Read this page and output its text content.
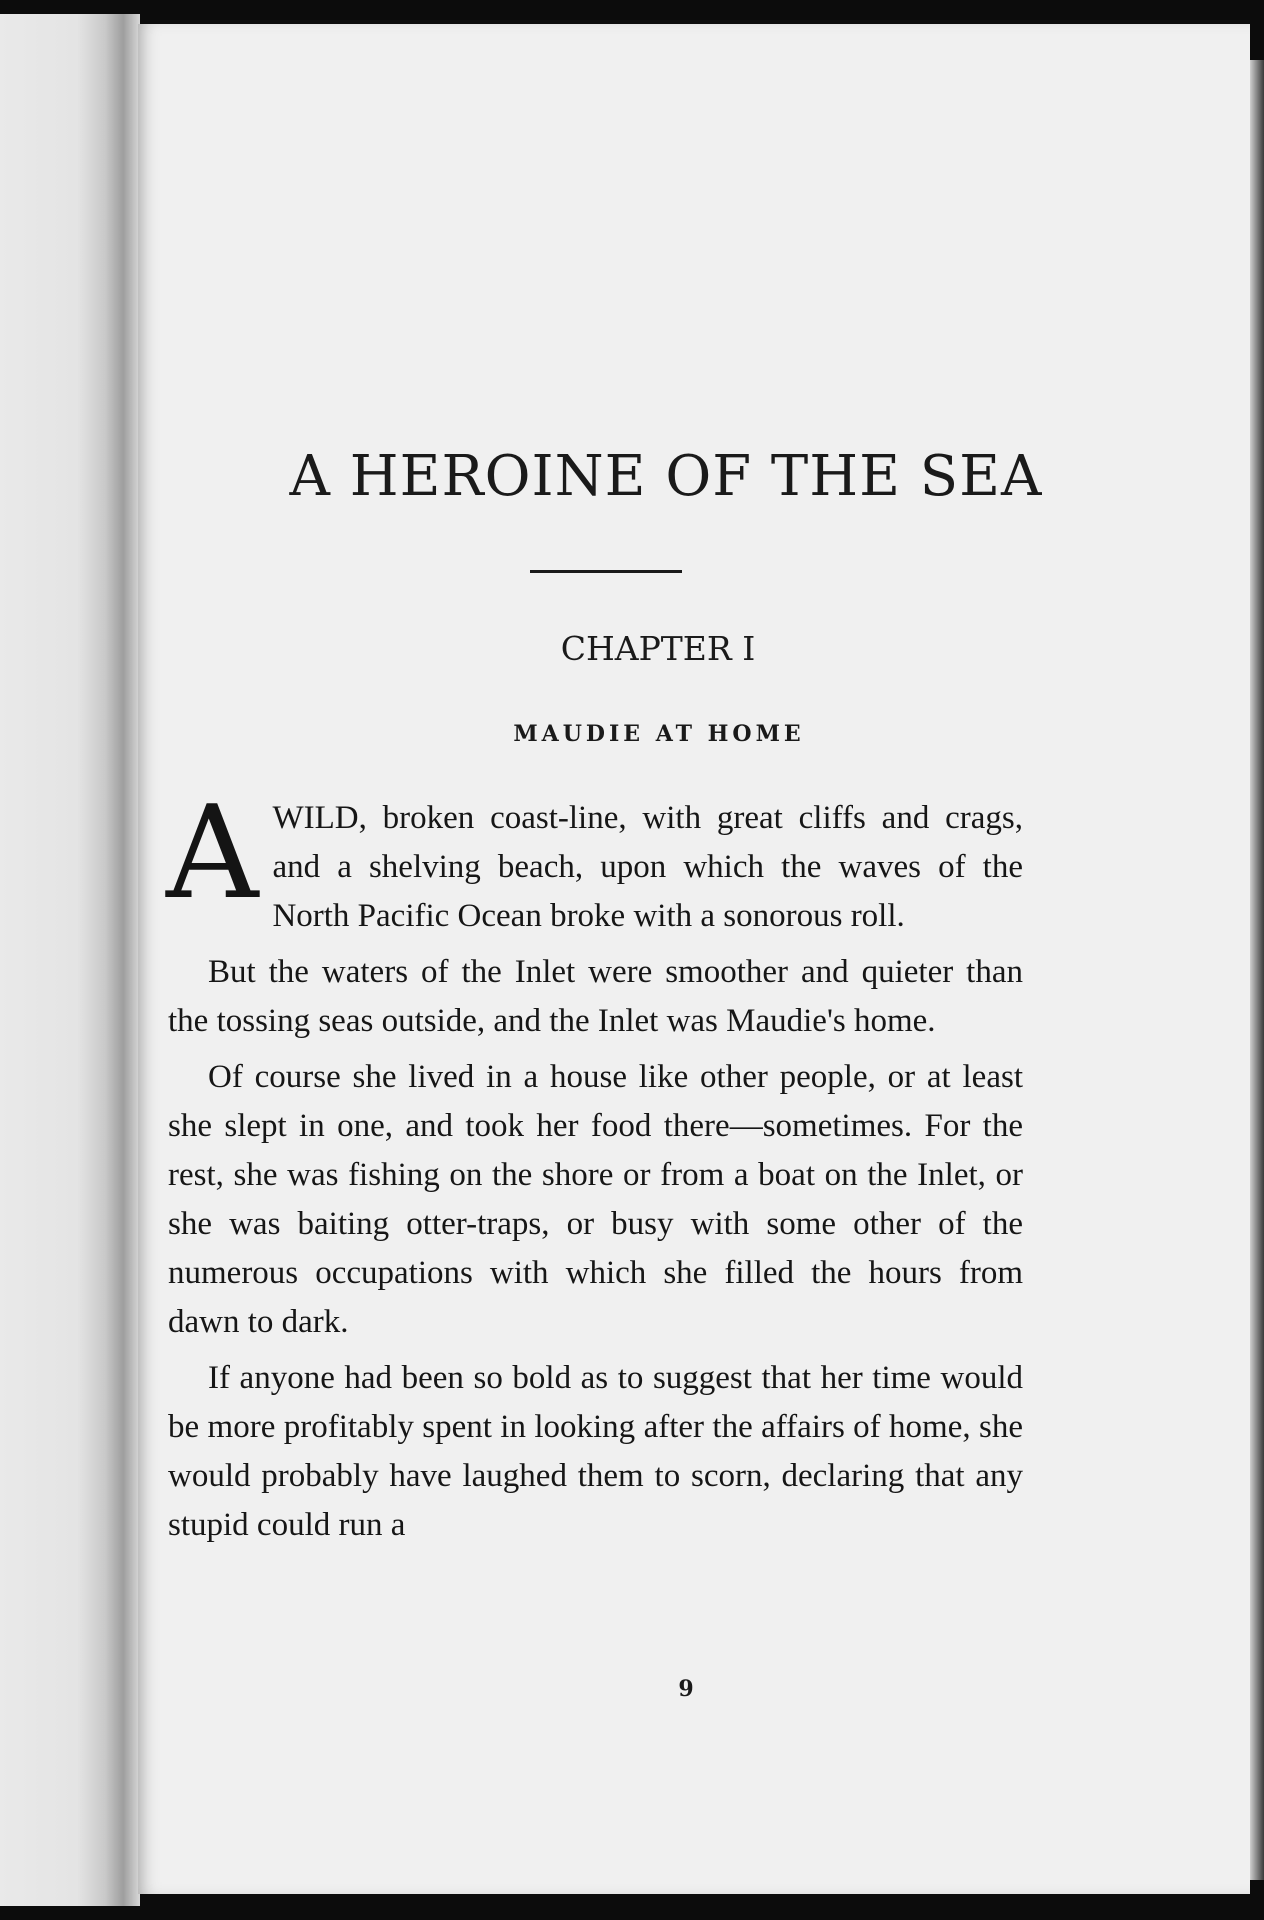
A HEROINE OF THE SEA
CHAPTER I
MAUDIE AT HOME

AWILD, broken coast-line, with great cliffs and crags, and a shelving beach, upon which the waves of the North Pacific Ocean broke with a sonorous roll.

But the waters of the Inlet were smoother and quieter than the tossing seas outside, and the Inlet was Maudie's home.

Of course she lived in a house like other people, or at least she slept in one, and took her food there—sometimes. For the rest, she was fishing on the shore or from a boat on the Inlet, or she was baiting otter-traps, or busy with some other of the numerous occupations with which she filled the hours from dawn to dark.

If anyone had been so bold as to suggest that her time would be more profitably spent in looking after the affairs of home, she would probably have laughed them to scorn, declaring that any stupid could run a

9
